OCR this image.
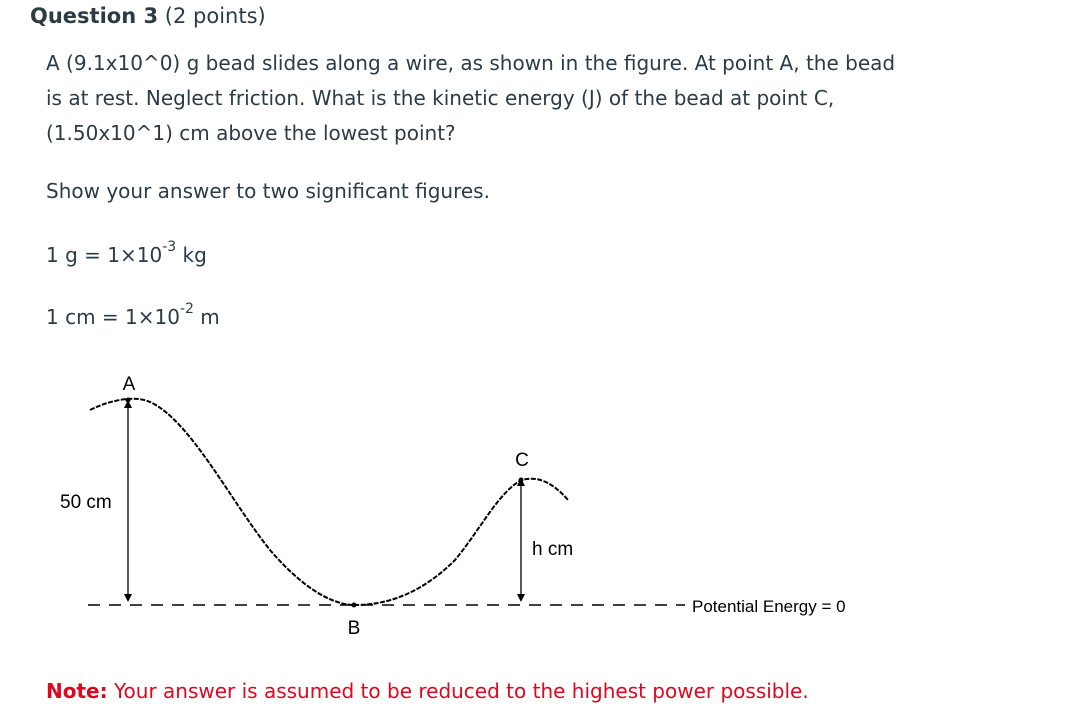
Question 3 (2 points)
A (9.1x10^0) g bead slides along a wire, as shown in the figure. At point A, the bead
is at rest. Neglect friction. What is the kinetic energy (J) of the bead at point C,
(1.50x10^1) cm above the lowest point?
Show your answer to two significant figures.
1 $g = 1\times 10^{-3}$ kg
1 cm = $1\times 10^{-2}$ m
A
B
C
50 cm
h cm
Potential Energy = 0
Note: Your answer is assumed to be reduced to the highest power possible.
